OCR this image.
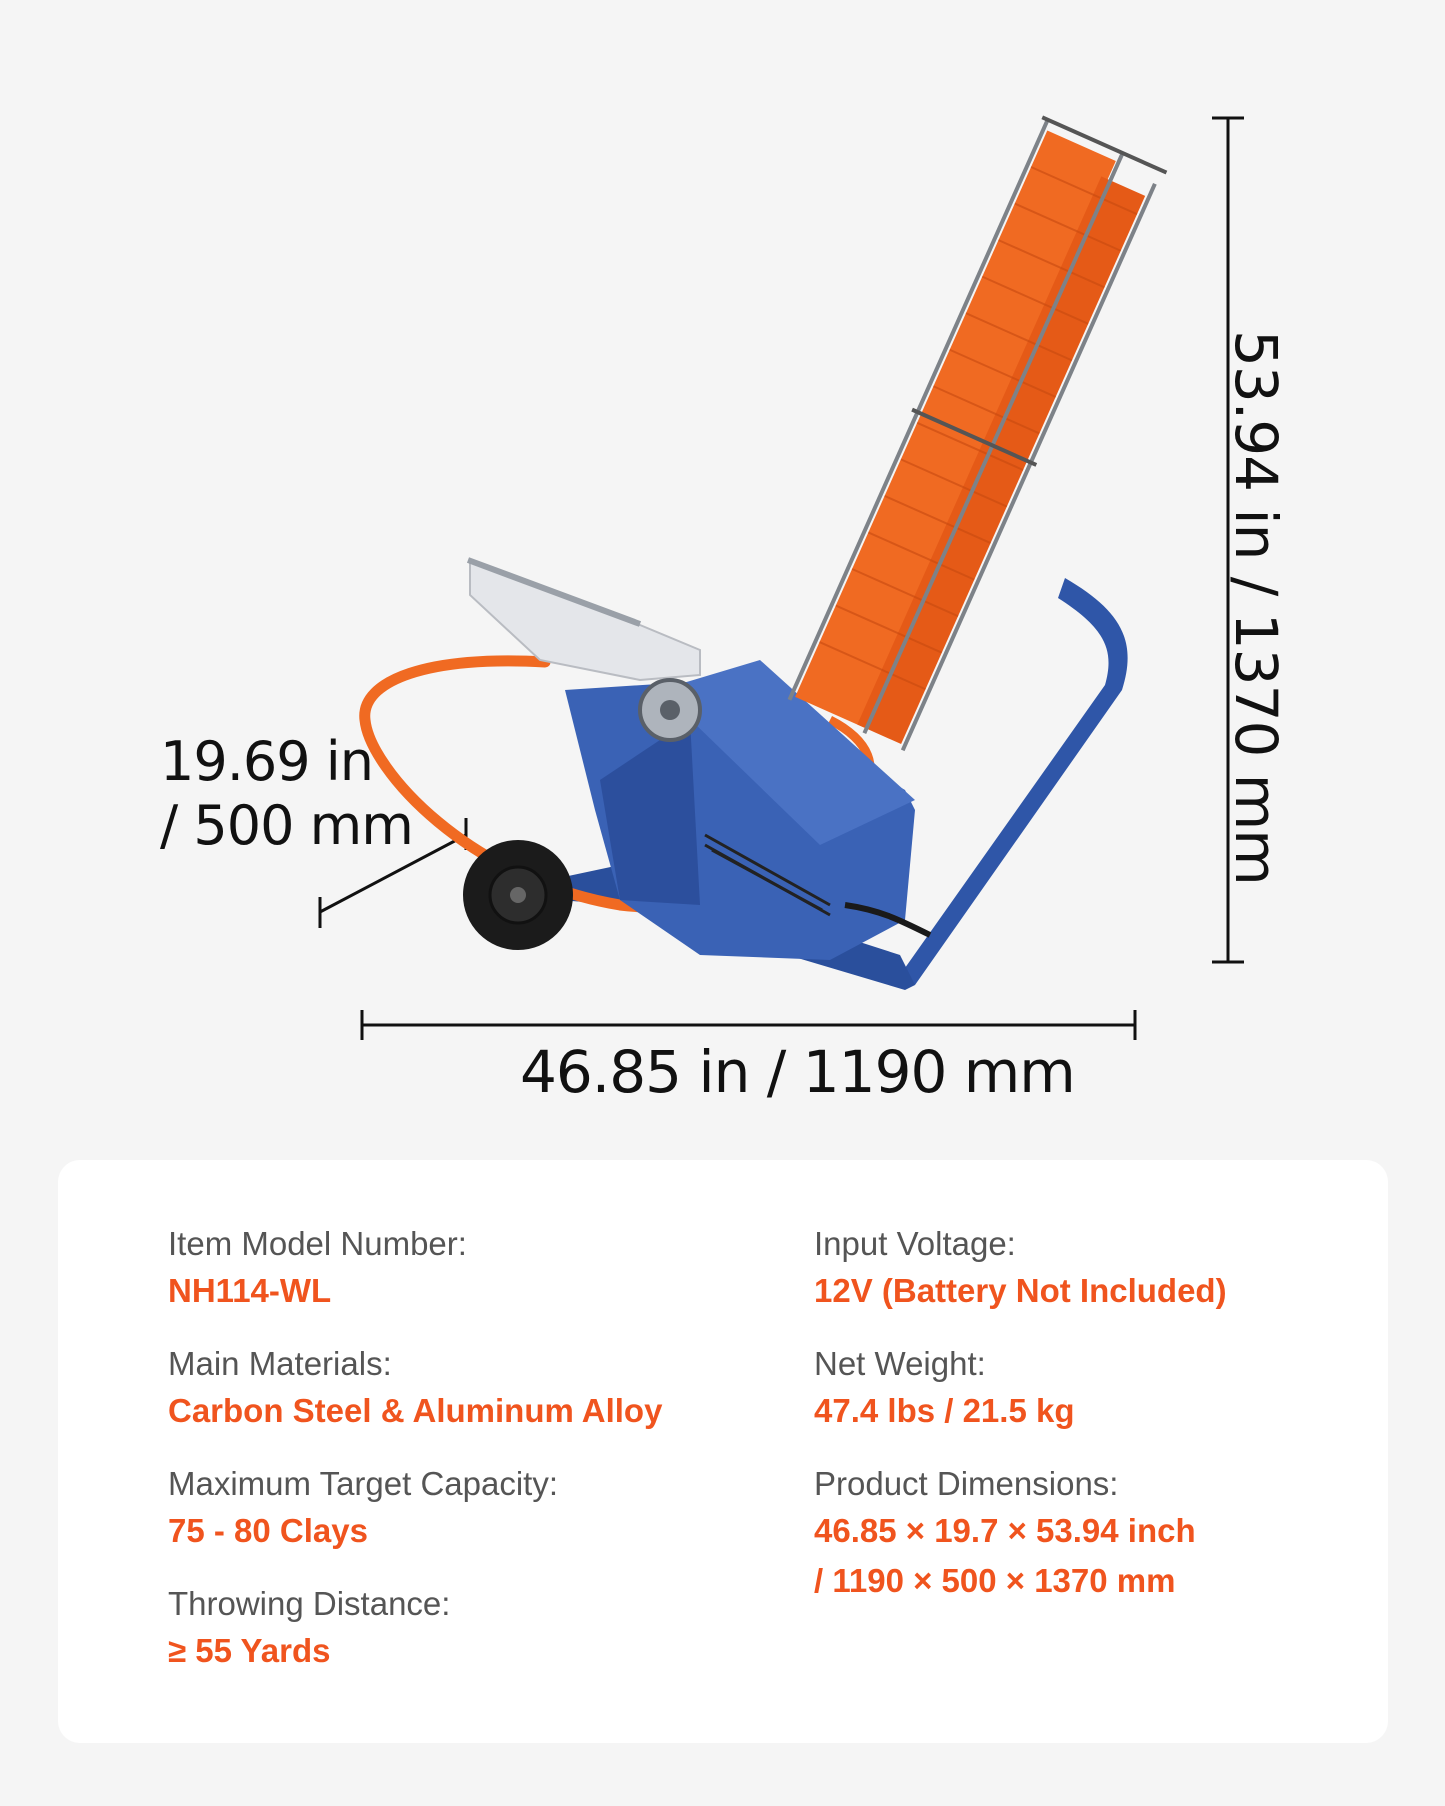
53.94 in / 1370 mm
19.69 in
/ 500 mm
46.85 in / 1190 mm
Item Model Number:
NH114-WL
Main Materials:
Carbon Steel & Aluminum Alloy
Maximum Target Capacity:
75 - 80 Clays
Throwing Distance:
≥ 55 Yards
Input Voltage:
12V (Battery Not Included)
Net Weight:
47.4 lbs / 21.5 kg
Product Dimensions:
46.85 × 19.7 × 53.94 inch
/ 1190 × 500 × 1370 mm
